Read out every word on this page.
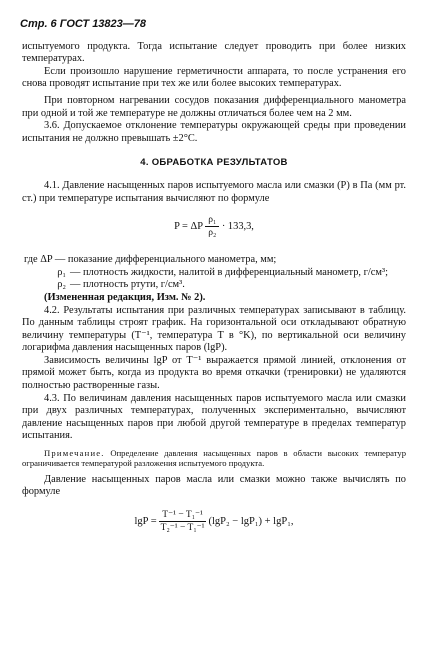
Стр. 6 ГОСТ 13823—78

испытуемого продукта. Тогда испытание следует проводить при более низких температурах.

Если произошло нарушение герметичности аппарата, то после устранения его снова проводят испытание при тех же или более высоких температурах.

При повторном нагревании сосудов показания дифференциального манометра при одной и той же температуре не должны отличаться более чем на 2 мм.

3.6. Допускаемое отклонение температуры окружающей среды при проведении испытания не должно превышать ±2°С.

4. ОБРАБОТКА РЕЗУЛЬТАТОВ

4.1. Давление насыщенных паров испытуемого масла или смазки (P) в Па (мм рт. ст.) при температуре испытания вычисляют по формуле

P = ΔP $\frac{\text{ρ₁}}{\text{ρ₂}} \cdot 133,3$,

где ΔP — показание дифференциального манометра, мм;

ρ₁ — плотность жидкости, налитой в дифференциальный манометр, г/см³;
ρ₂ — плотность ртути, г/см³.

(Измененная редакция, Изм. № 2).

4.2. Результаты испытания при различных температурах записывают в таблицу. По данным таблицы строят график. На горизонтальной оси откладывают обратную величину температуры (T⁻¹, температура T в °K), по вертикальной оси величину логарифма давления насыщенных паров (lgP).

Зависимость величины lgP от T⁻¹ выражается прямой линией, отклонения от прямой может быть, когда из продукта во время откачки (тренировки) не удаляются полностью растворенные газы.

4.3. По величинам давления насыщенных паров испытуемого масла или смазки при двух различных температурах, полученных экспериментально, вычисляют давление насыщенных паров при любой другой температуре в пределах температур испытания.

Примечание. Определение давления насыщенных паров в области высоких температур ограничивается температурой разложения испытуемого продукта.

Давление насыщенных паров масла или смазки можно также вычислять по формуле

$\lg P = \frac{\text{T⁻¹ − T₁⁻¹}}{\text{T₂⁻¹ − T₁⁻¹}} (\lg P_2 - \lg P_1) + \lg P_1$,
